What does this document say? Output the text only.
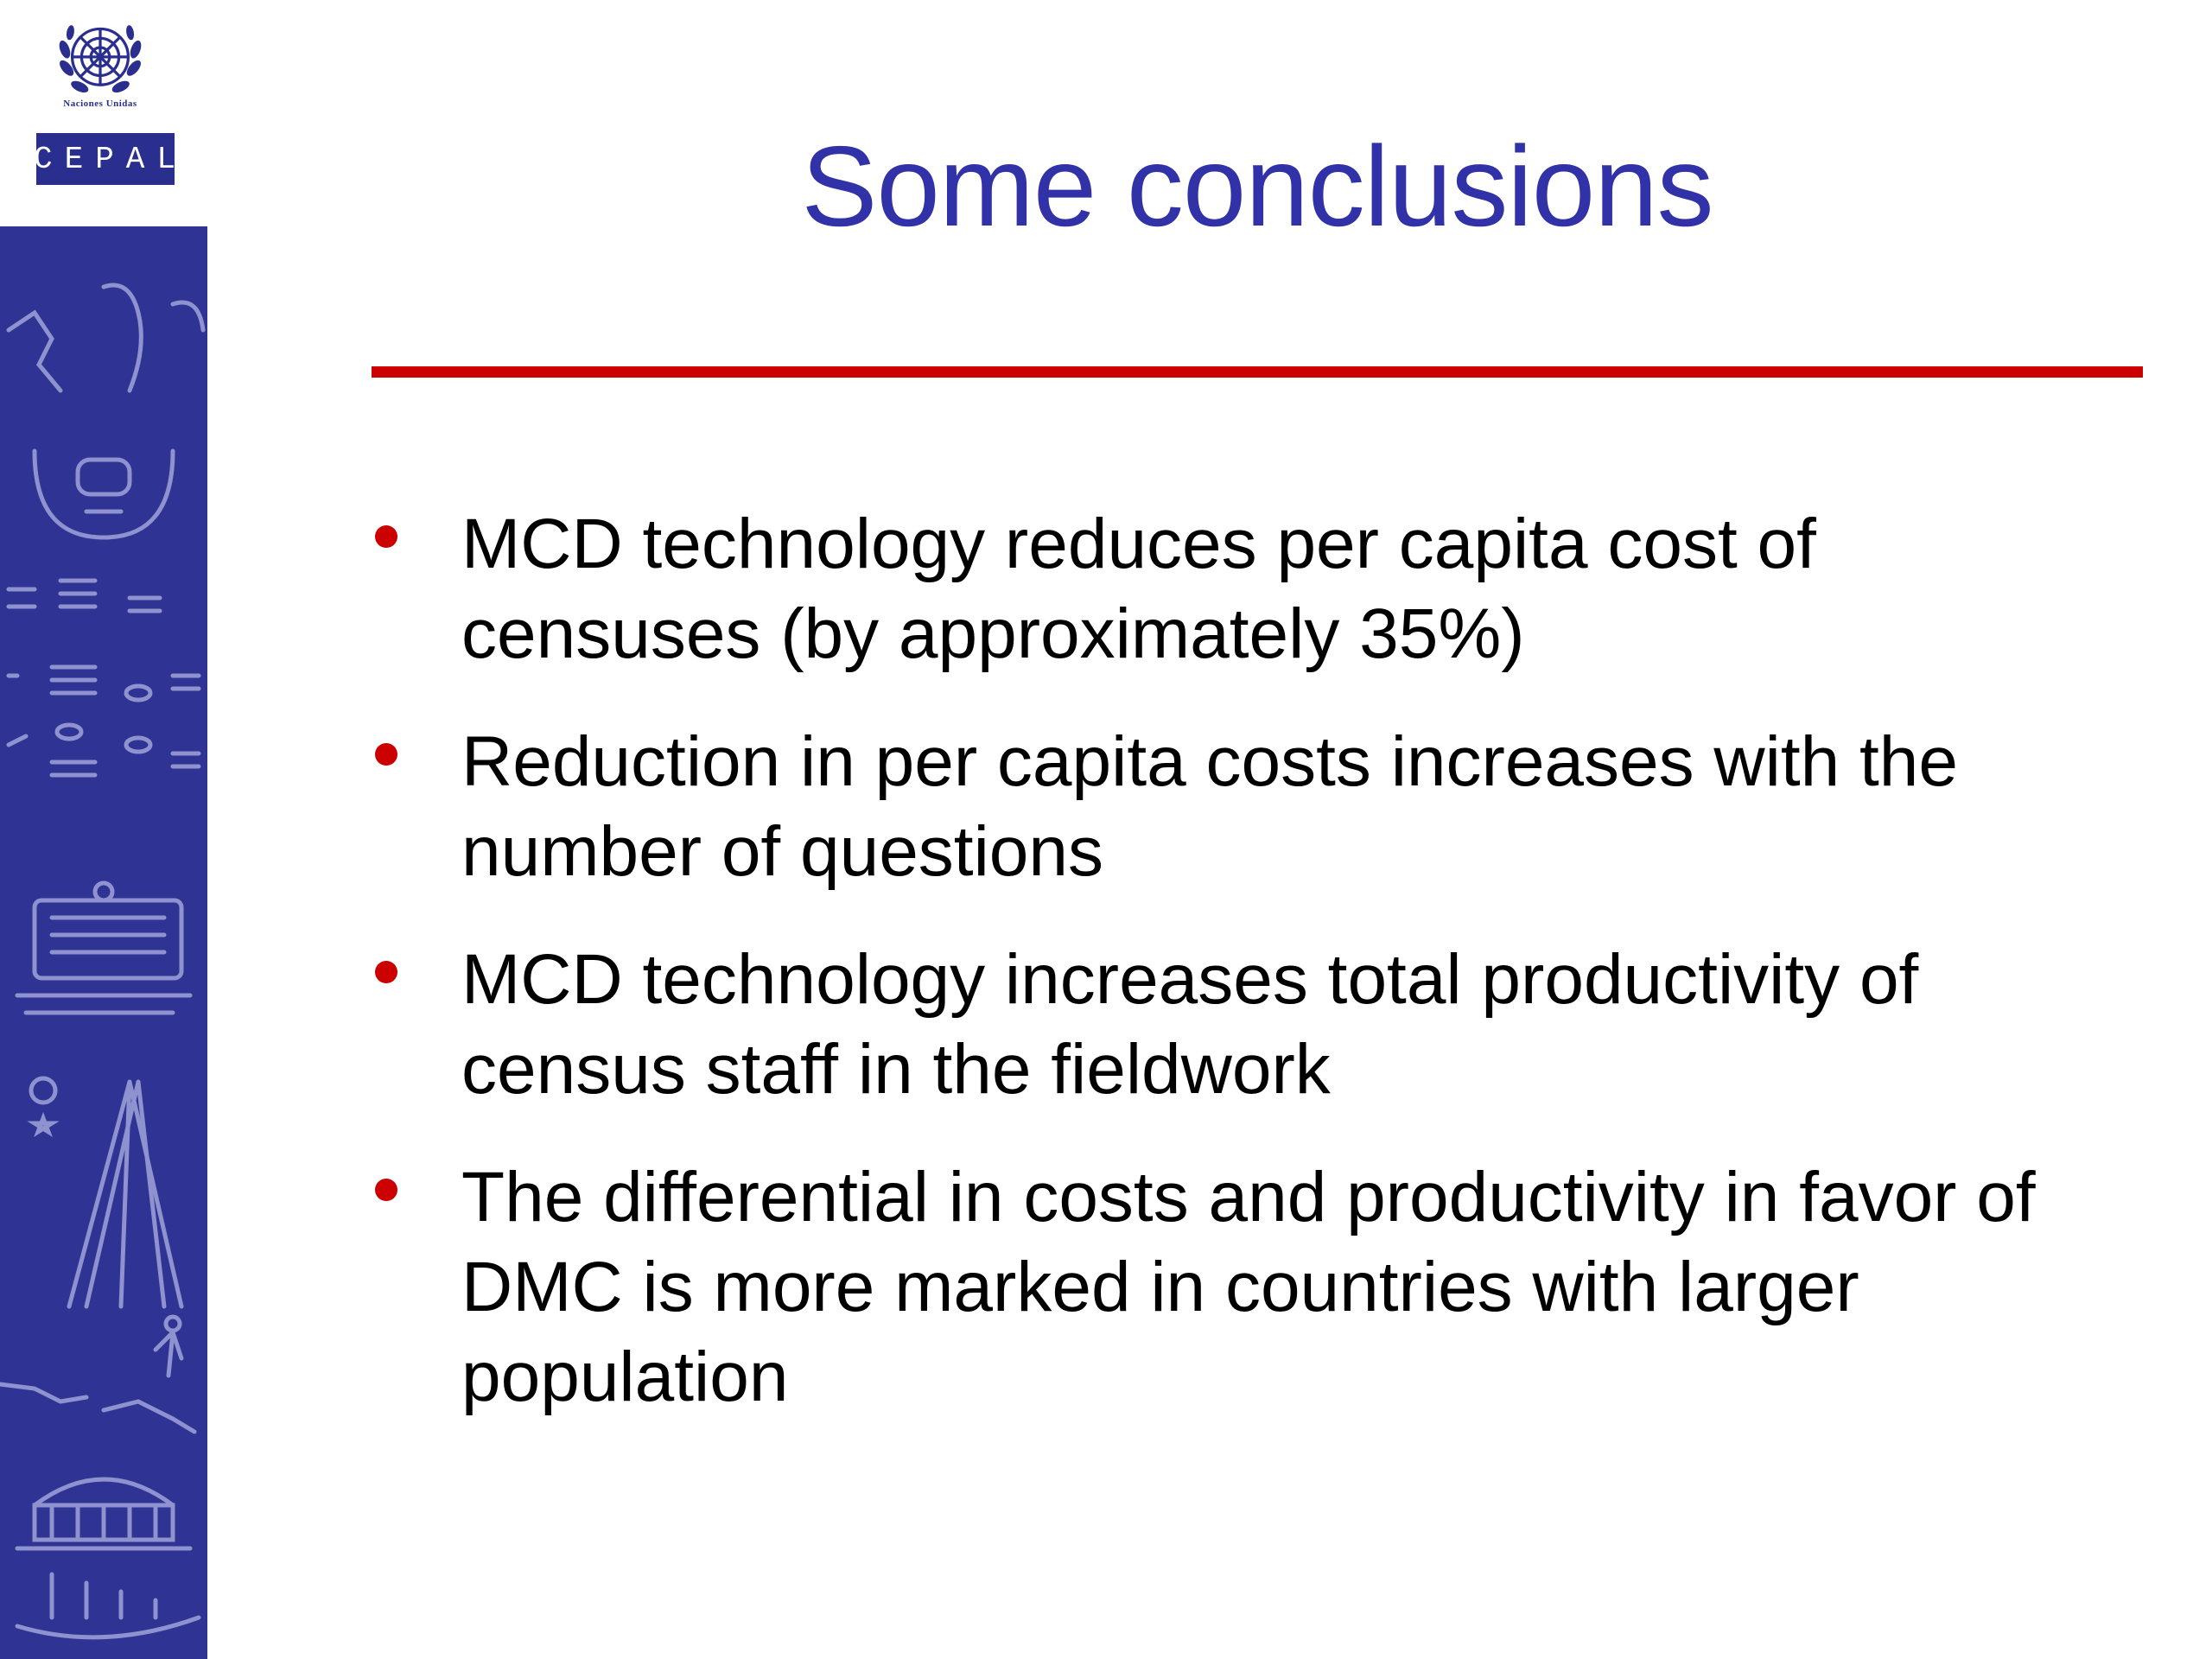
Naciones Unidas
CEPAL	Some conclusions
MCD technology reduces per capita cost of censuses (by approximately 35%)
Reduction in per capita costs increases with the number of questions
MCD technology increases total productivity of census staff in the fieldwork
The differential in costs and productivity in favor of DMC is more marked in countries with larger population
